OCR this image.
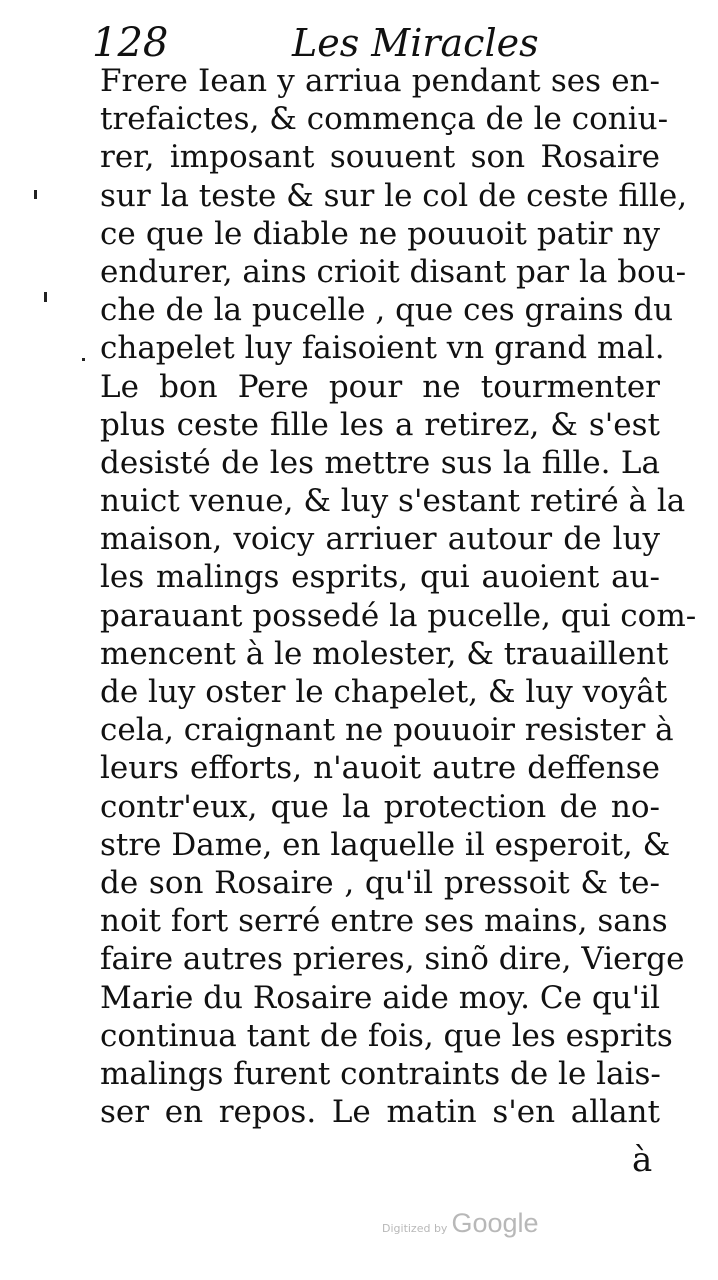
128	Les Miracles
Frere Iean y arriua pendant ses en-
trefaictes, & commença de le coniu-
rer, imposant souuent son Rosaire
sur la teste & sur le col de ceste fille,
ce que le diable ne pouuoit patir ny
endurer, ains crioit disant par la bou-
che de la pucelle , que ces grains du
chapelet luy faisoient vn grand mal.
Le bon Pere pour ne tourmenter
plus ceste fille les a retirez, & s'est
desisté de les mettre sus la fille. La
nuict venue, & luy s'estant retiré à la
maison, voicy arriuer autour de luy
les malings esprits, qui auoient au-
parauant possedé la pucelle, qui com-
mencent à le molester, & trauaillent
de luy oster le chapelet, & luy voyât
cela, craignant ne pouuoir resister à
leurs efforts, n'auoit autre deffense
contr'eux, que la protection de no-
stre Dame, en laquelle il esperoit, &
de son Rosaire , qu'il pressoit & te-
noit fort serré entre ses mains, sans
faire autres prieres, sinõ dire, Vierge
Marie du Rosaire aide moy. Ce qu'il
continua tant de fois, que les esprits
malings furent contraints de le lais-
ser en repos. Le matin s'en allant
à
Digitized by Google
